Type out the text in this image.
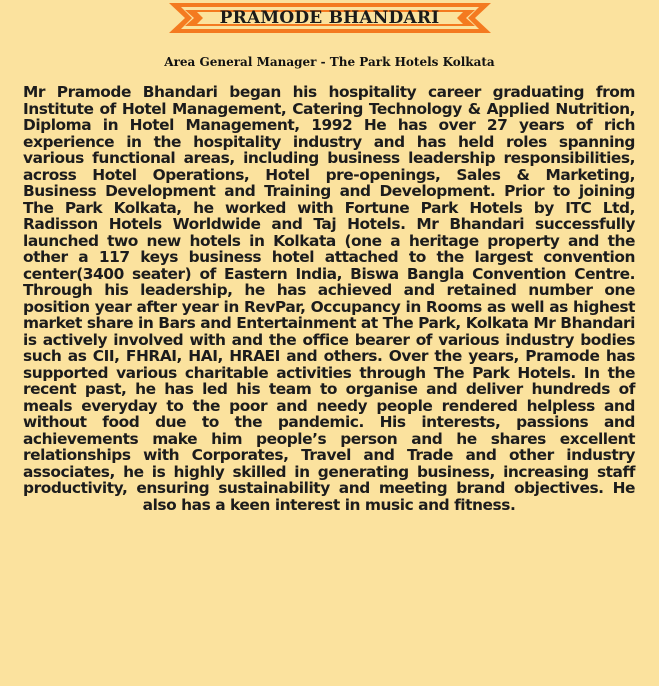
PRAMODE BHANDARI
Area General Manager - The Park Hotels Kolkata

Mr Pramode Bhandari began his hospitality career graduating from Institute of Hotel Management, Catering Technology & Applied Nutrition, Diploma in Hotel Management, 1992 He has over 27 years of rich experience in the hospitality industry and has held roles spanning various functional areas, including business leadership responsibilities, across Hotel Operations, Hotel pre-openings, Sales & Marketing, Business Development and Training and Development. Prior to joining The Park Kolkata, he worked with Fortune Park Hotels by ITC Ltd, Radisson Hotels Worldwide and Taj Hotels. Mr Bhandari successfully launched two new hotels in Kolkata (one a heritage property and the other a 117 keys business hotel attached to the largest convention center(3400 seater) of Eastern India, Biswa Bangla Convention Centre. Through his leadership, he has achieved and retained number one position year after year in RevPar, Occupancy in Rooms as well as highest market share in Bars and Entertainment at The Park, Kolkata Mr Bhandari is actively involved with and the office bearer of various industry bodies such as CII, FHRAI, HAI, HRAEI and others. Over the years, Pramode has supported various charitable activities through The Park Hotels. In the recent past, he has led his team to organise and deliver hundreds of meals everyday to the poor and needy people rendered helpless and without food due to the pandemic. His interests, passions and achievements make him people’s person and he shares excellent relationships with Corporates, Travel and Trade and other industry associates, he is highly skilled in generating business, increasing staff productivity, ensuring sustainability and meeting brand objectives. He also has a keen interest in music and fitness.
